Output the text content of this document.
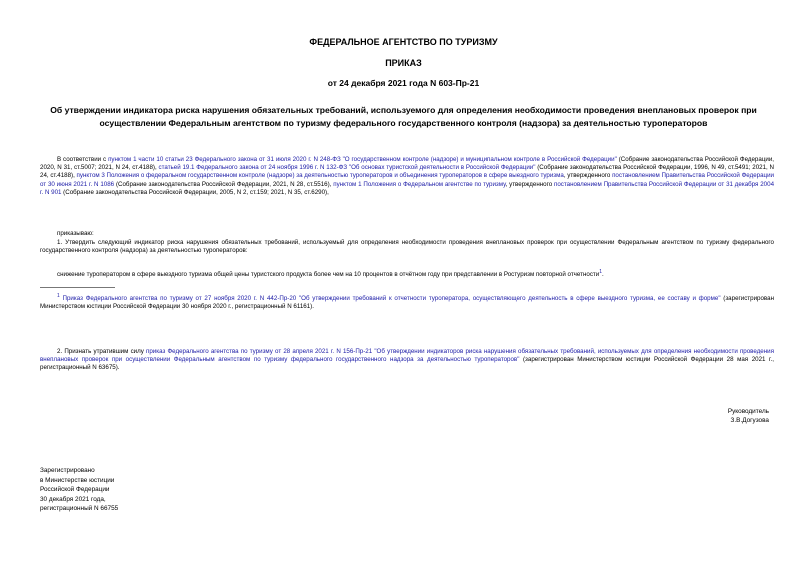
ФЕДЕРАЛЬНОЕ АГЕНТСТВО ПО ТУРИЗМУ
ПРИКАЗ
от 24 декабря 2021 года N 603-Пр-21
Об утверждении индикатора риска нарушения обязательных требований, используемого для определения необходимости проведения внеплановых проверок при осуществлении Федеральным агентством по туризму федерального государственного контроля (надзора) за деятельностью туроператоров
В соответствии с пунктом 1 части 10 статьи 23 Федерального закона от 31 июля 2020 г. N 248-ФЗ "О государственном контроле (надзоре) и муниципальном контроле в Российской Федерации" (Собрание законодательства Российской Федерации, 2020, N 31, ст.5007; 2021, N 24, ст.4188), статьей 19.1 Федерального закона от 24 ноября 1996 г. N 132-ФЗ "Об основах туристской деятельности в Российской Федерации" (Собрание законодательства Российской Федерации, 1996, N 49, ст.5491; 2021, N 24, ст.4188), пунктом 3 Положения о федеральном государственном контроле (надзоре) за деятельностью туроператоров и объединения туроператоров в сфере выездного туризма, утвержденного постановлением Правительства Российской Федерации от 30 июня 2021 г. N 1086 (Собрание законодательства Российской Федерации, 2021, N 28, ст.5516), пунктом 1 Положения о Федеральном агентстве по туризму, утвержденного постановлением Правительства Российской Федерации от 31 декабря 2004 г. N 901 (Собрание законодательства Российской Федерации, 2005, N 2, ст.159; 2021, N 35, ст.6290),
приказываю:
1. Утвердить следующий индикатор риска нарушения обязательных требований, используемый для определения необходимости проведения внеплановых проверок при осуществлении Федеральным агентством по туризму федерального государственного контроля (надзора) за деятельностью туроператоров:
снижение туроператором в сфере выездного туризма общей цены туристского продукта более чем на 10 процентов в отчётном году при представлении в Ростуризм повторной отчетности$^1$.
$^1$ Приказ Федерального агентства по туризму от 27 ноября 2020 г. N 442-Пр-20 "Об утверждении требований к отчетности туроператора, осуществляющего деятельность в сфере выездного туризма, ее составу и форме" (зарегистрирован Министерством юстиции Российской Федерации 30 ноября 2020 г., регистрационный N 61161).
2. Признать утратившим силу приказ Федерального агентства по туризму от 28 апреля 2021 г. N 156-Пр-21 "Об утверждении индикаторов риска нарушения обязательных требований, используемых для определения необходимости проведения внеплановых проверок при осуществлении Федеральным агентством по туризму федерального государственного надзора за деятельностью туроператоров" (зарегистрирован Министерством юстиции Российской Федерации 28 мая 2021 г., регистрационный N 63675).
Руководитель
З.В.Догузова
Зарегистрировано
в Министерстве юстиции
Российской Федерации
30 декабря 2021 года,
регистрационный N 66755
